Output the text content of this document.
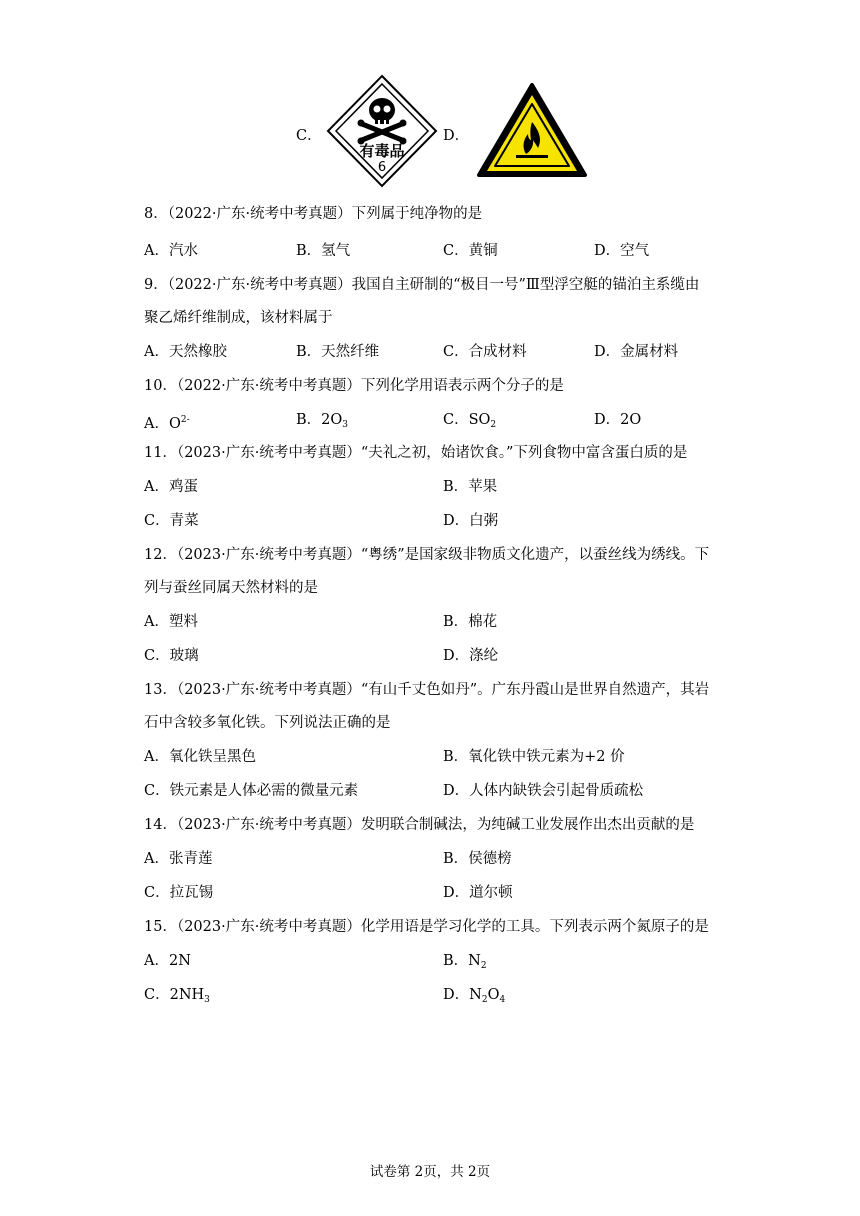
C．
有毒品
6
D．
8．（2022·广东·统考中考真题）下列属于纯净物的是
A．汽水	B．氢气	C．黄铜	D．空气
9．（2022·广东·统考中考真题）我国自主研制的“极目一号”Ⅲ型浮空艇的锚泊主系缆由
聚乙烯纤维制成，该材料属于
A．天然橡胶	B．天然纤维	C．合成材料	D．金属材料
10．（2022·广东·统考中考真题）下列化学用语表示两个分子的是
A．$O^{2-}$	B．$2O_3$	C．$SO_2$	D．2O
11．（2023·广东·统考中考真题）“夫礼之初，始诸饮食。”下列食物中富含蛋白质的是
A．鸡蛋	B．苹果
C．青菜	D．白粥
12．（2023·广东·统考中考真题）“粤绣”是国家级非物质文化遗产，以蚕丝线为绣线。下
列与蚕丝同属天然材料的是
A．塑料	B．棉花
C．玻璃	D．涤纶
13．（2023·广东·统考中考真题）“有山千丈色如丹”。广东丹霞山是世界自然遗产，其岩
石中含较多氧化铁。下列说法正确的是
A．氧化铁呈黑色	B．氧化铁中铁元素为+2 价
C．铁元素是人体必需的微量元素	D．人体内缺铁会引起骨质疏松
14．（2023·广东·统考中考真题）发明联合制碱法，为纯碱工业发展作出杰出贡献的是
A．张青莲	B．侯德榜
C．拉瓦锡	D．道尔顿
15．（2023·广东·统考中考真题）化学用语是学习化学的工具。下列表示两个氮原子的是
A．2N	B．$N_2$
C．$2NH_3$	D．$N_2O_4$
试卷第 2页，共 2页
